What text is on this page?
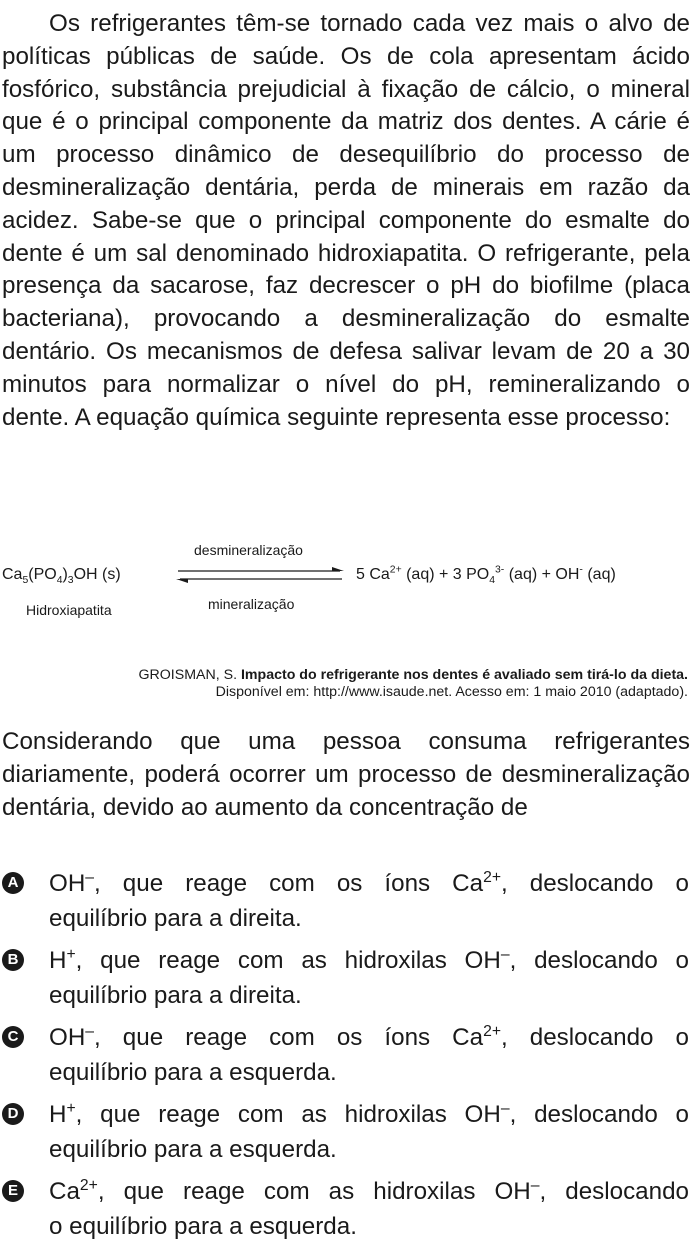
Os refrigerantes têm-se tornado cada vez mais o alvo de políticas públicas de saúde. Os de cola apresentam ácido fosfórico, substância prejudicial à fixação de cálcio, o mineral que é o principal componente da matriz dos dentes. A cárie é um processo dinâmico de desequilíbrio do processo de desmineralização dentária, perda de minerais em razão da acidez. Sabe-se que o principal componente do esmalte do dente é um sal denominado hidroxiapatita. O refrigerante, pela presença da sacarose, faz decrescer o pH do biofilme (placa bacteriana), provocando a desmineralização do esmalte dentário. Os mecanismos de defesa salivar levam de 20 a 30 minutos para normalizar o nível do pH, remineralizando o dente. A equação química seguinte representa esse processo:

$Ca_5(PO_4)_3OH$ (s)
Hidroxiapatita
desmineralização
mineralização
5 $Ca^{2+}$ (aq) + 3 $PO_4^{3-}$ (aq) + OH- (aq)
GROISMAN, S. Impacto do refrigerante nos dentes é avaliado sem tirá-lo da dieta.
Disponível em: http://www.isaude.net. Acesso em: 1 maio 2010 (adaptado).

Considerando que uma pessoa consuma refrigerantes diariamente, poderá ocorrer um processo de desmineralização dentária, devido ao aumento da concentração de

A OH–, que reage com os íons $Ca^{2+}$, deslocando o
equilíbrio para a direita.
B H+, que reage com as hidroxilas OH–, deslocando o
equilíbrio para a direita.
C OH–, que reage com os íons $Ca^{2+}$, deslocando o
equilíbrio para a esquerda.
D H+, que reage com as hidroxilas OH–, deslocando o
equilíbrio para a esquerda.
E $Ca^{2+}$, que reage com as hidroxilas OH–, deslocando
o equilíbrio para a esquerda.
